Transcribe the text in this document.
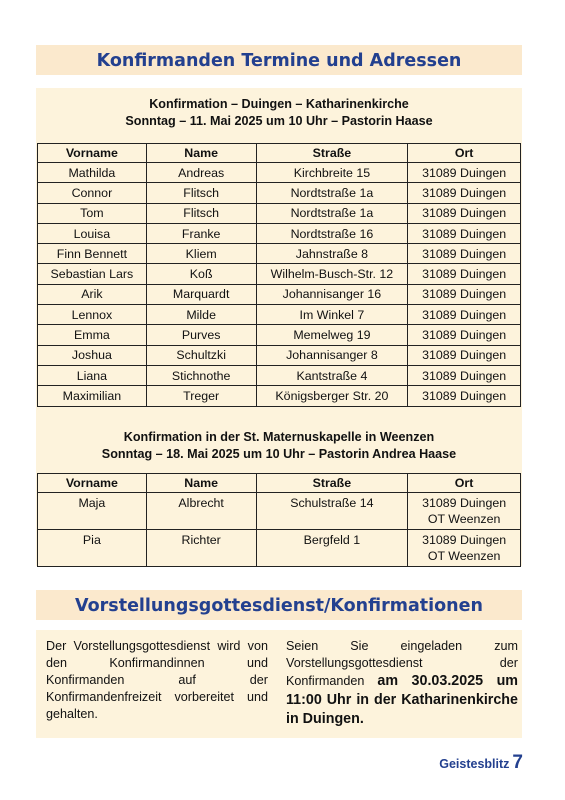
Konfirmanden Termine und Adressen
Konfirmation – Duingen – Katharinenkirche
Sonntag – 11. Mai 2025 um 10 Uhr – Pastorin Haase
Vorname	Name	Straße	Ort
Mathilda	Andreas	Kirchbreite 15	31089 Duingen
Connor	Flitsch	Nordtstraße 1a	31089 Duingen
Tom	Flitsch	Nordtstraße 1a	31089 Duingen
Louisa	Franke	Nordtstraße 16	31089 Duingen
Finn Bennett	Kliem	Jahnstraße 8	31089 Duingen
Sebastian Lars	Koß	Wilhelm-Busch-Str. 12	31089 Duingen
Arik	Marquardt	Johannisanger 16	31089 Duingen
Lennox	Milde	Im Winkel 7	31089 Duingen
Emma	Purves	Memelweg 19	31089 Duingen
Joshua	Schultzki	Johannisanger 8	31089 Duingen
Liana	Stichnothe	Kantstraße 4	31089 Duingen
Maximilian	Treger	Königsberger Str. 20	31089 Duingen
Konfirmation in der St. Maternuskapelle in Weenzen
Sonntag – 18. Mai 2025 um 10 Uhr – Pastorin Andrea Haase
Vorname	Name	Straße	Ort
Maja	Albrecht	Schulstraße 14	31089 Duingen
OT Weenzen

Pia	Richter	Bergfeld 1	31089 Duingen
OT Weenzen
Vorstellungsgottesdienst/Konfirmationen
Der Vorstellungsgottesdienst wird von den Konfirmandinnen und Konfirmanden auf der Konfirmandenfreizeit vorbereitet und gehalten.
Seien Sie eingeladen zum Vorstellungsgottesdienst der Konfirmanden am 30.03.2025 um 11:00 Uhr in der Katharinenkirche in Duingen.
Geistesblitz 7
